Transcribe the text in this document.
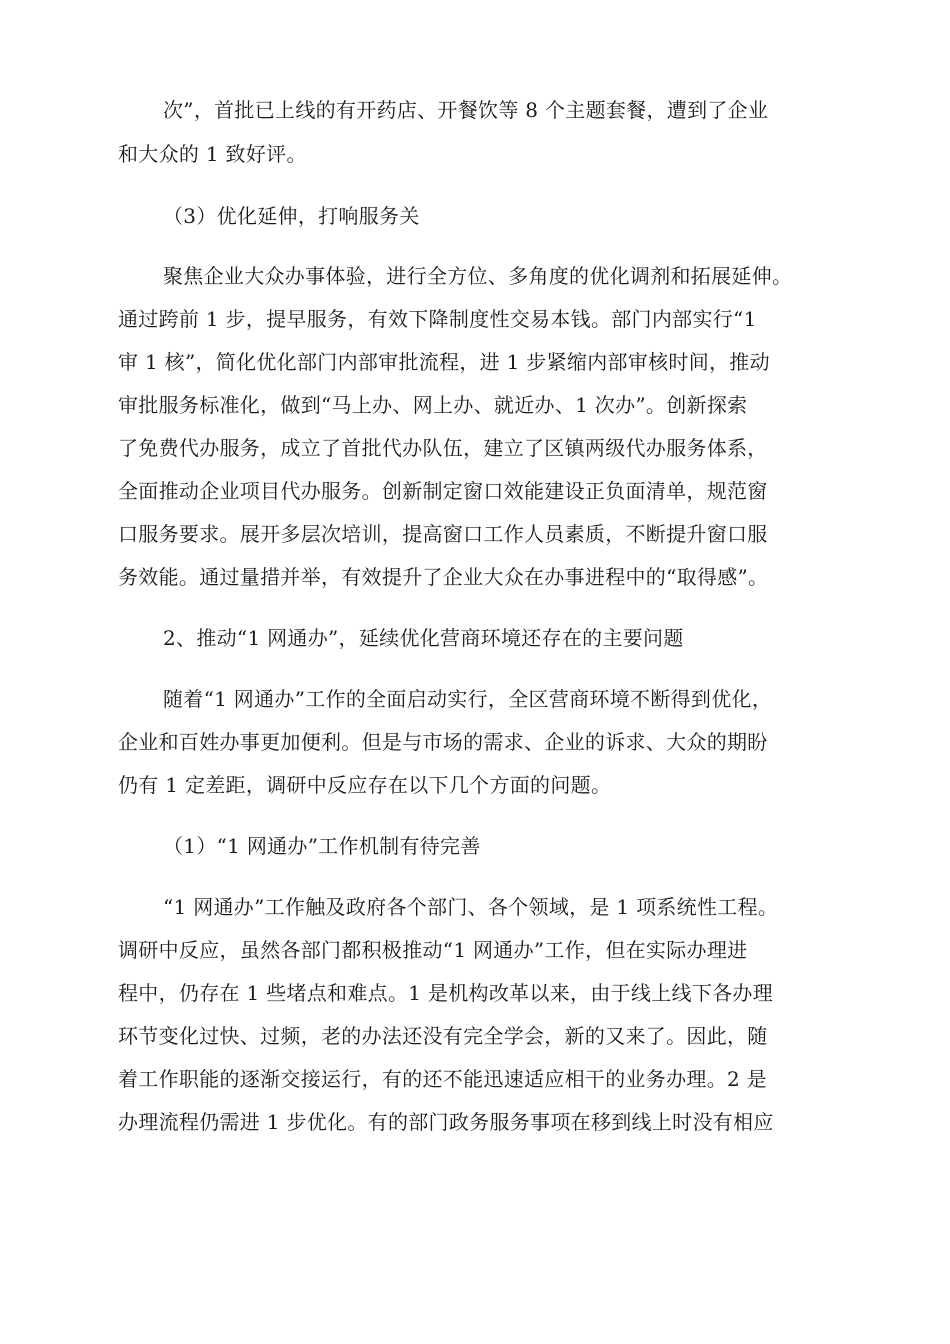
次”，首批已上线的有开药店、开餐饮等 8 个主题套餐，遭到了企业
和大众的 1 致好评。
（3）优化延伸，打响服务关
聚焦企业大众办事体验，进行全方位、多角度的优化调剂和拓展延伸。
通过跨前 1 步，提早服务，有效下降制度性交易本钱。部门内部实行“1
审 1 核”，简化优化部门内部审批流程，进 1 步紧缩内部审核时间，推动
审批服务标准化，做到“马上办、网上办、就近办、1 次办”。创新探索
了免费代办服务，成立了首批代办队伍，建立了区镇两级代办服务体系，
全面推动企业项目代办服务。创新制定窗口效能建设正负面清单，规范窗
口服务要求。展开多层次培训，提高窗口工作人员素质，不断提升窗口服
务效能。通过量措并举，有效提升了企业大众在办事进程中的“取得感”。
2、推动“1 网通办”，延续优化营商环境还存在的主要问题
随着“1 网通办”工作的全面启动实行，全区营商环境不断得到优化，
企业和百姓办事更加便利。但是与市场的需求、企业的诉求、大众的期盼
仍有 1 定差距，调研中反应存在以下几个方面的问题。
（1）“1 网通办”工作机制有待完善
“1 网通办”工作触及政府各个部门、各个领域，是 1 项系统性工程。
调研中反应，虽然各部门都积极推动“1 网通办”工作，但在实际办理进
程中，仍存在 1 些堵点和难点。1 是机构改革以来，由于线上线下各办理
环节变化过快、过频，老的办法还没有完全学会，新的又来了。因此，随
着工作职能的逐渐交接运行，有的还不能迅速适应相干的业务办理。2 是
办理流程仍需进 1 步优化。有的部门政务服务事项在移到线上时没有相应
